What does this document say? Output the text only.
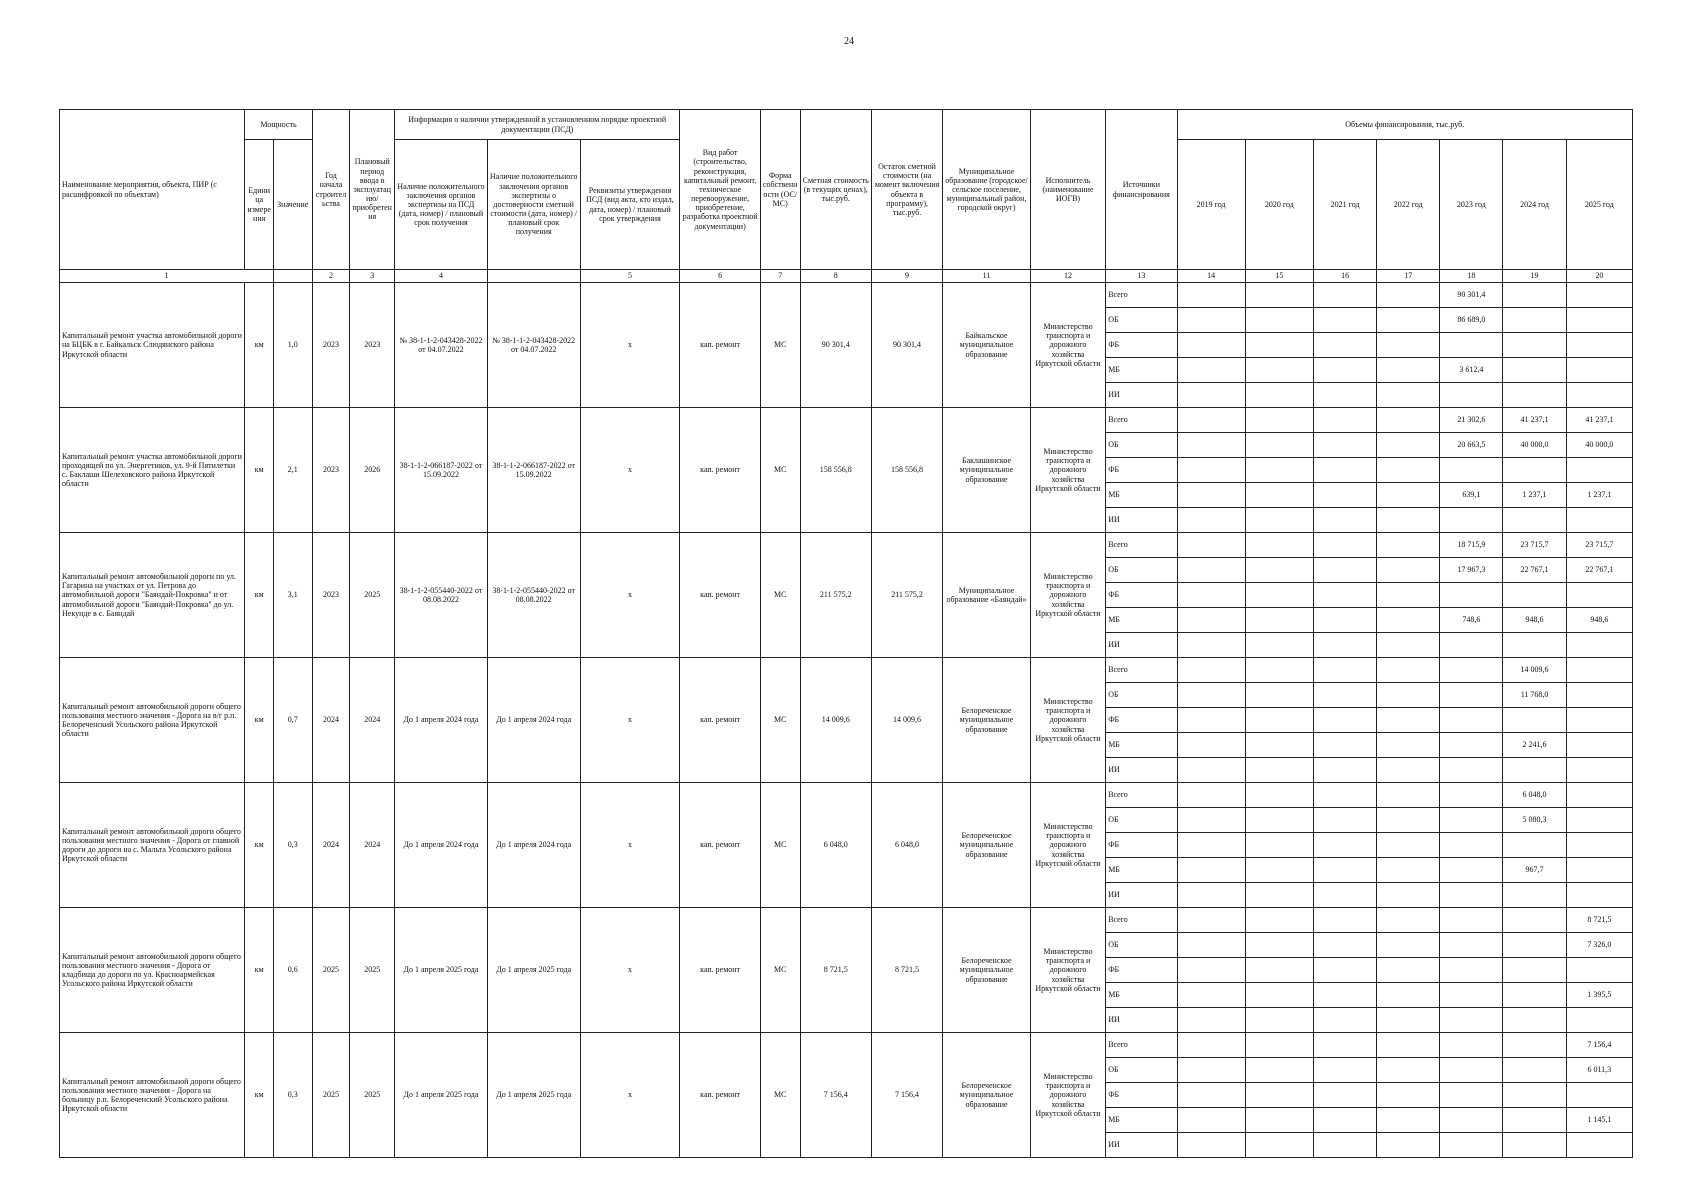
24
Наименование мероприятия, объекта, ПИР (с расшифровкой по объектам)	Мощность		Год начала строительства	Плановый период ввода в эксплуатацию/приобретения	Информация о наличии утвержденной в установленном порядке проектной документации (ПСД)			Вид работ (строительство, реконструкция, капитальный ремонт, техническое перевооружение, приобретение, разработка проектной документации)	Форма собственности (ОС/МС)	Сметная стоимость (в текущих ценах), тыс.руб.	Остаток сметной стоимости (на момент включения объекта в программу), тыс.руб.	Муниципальное образование (городское/сельское поселение, муниципальный район, городской округ)	Исполнитель (наименование ИОГВ)	Источники финансирования	Объемы финансирования, тыс.руб.						
	Единица измерения	Значение			Наличие положительного заключения органов экспертизы на ПСД (дата, номер) / плановый срок получения	Наличие положительного заключения органов экспертизы о достоверности сметной стоимости (дата, номер) / плановый срок получения	Реквизиты утверждения ПСД (вид акта, кто издал, дата, номер) / плановый срок утверждения								2019 год	2020 год	2021 год	2022 год	2023 год	2024 год	2025 год
1			2	3	4		5	6	7	8	9	11	12	13	14	15	16	17	18	19	20
Капитальный ремонт участка автомобильной дороги на БЦБК в г. Байкальск Слюдянского района Иркутской области	км	1,0	2023	2023	№ 38-1-1-2-043428-2022 от 04.07.2022	№ 38-1-1-2-043428-2022 от 04.07.2022	х	кап. ремонт	МС	90 301,4	90 301,4	Байкальское муниципальное образование	Министерство транспорта и дорожного хозяйства Иркутской области	Всего					90 301,4		
														ОБ					86 689,0		
														ФБ							
														МБ					3 612,4		
														ИИ							
Капитальный ремонт участка автомобильной дороги проходящей по ул. Энергетиков, ул. 9-й Пятилетки с. Баклаши Шелеховского района Иркутской области	км	2,1	2023	2026	38-1-1-2-066187-2022 от 15.09.2022	38-1-1-2-066187-2022 от 15.09.2022	х	кап. ремонт	МС	158 556,8	158 556,8	Баклашинское муниципальное образование	Министерство транспорта и дорожного хозяйства Иркутской области	Всего					21 302,6	41 237,1	41 237,1
														ОБ					20 663,5	40 000,0	40 000,0
														ФБ							
														МБ					639,1	1 237,1	1 237,1
														ИИ							
Капитальный ремонт автомобильной дороги по ул. Гагарина на участках от ул. Петрова до автомобильной дороги "Баяндай-Покровка" и от автомобильной дороги "Баяндай-Покровка" до ул. Некунде в с. Баяндай	км	3,1	2023	2025	38-1-1-2-055440-2022 от 08.08.2022	38-1-1-2-055440-2022 от 08.08.2022	х	кап. ремонт	МС	211 575,2	211 575,2	Муниципальное образование «Баяндай»	Министерство транспорта и дорожного хозяйства Иркутской области	Всего					18 715,9	23 715,7	23 715,7
														ОБ					17 967,3	22 767,1	22 767,1
														ФБ							
														МБ					748,6	948,6	948,6
														ИИ							
Капитальный ремонт автомобильной дороги общего пользования местного значения - Дорога на в/г р.п. Белореченский Усольского района Иркутской области	км	0,7	2024	2024	До 1 апреля 2024 года	До 1 апреля 2024 года	х	кап. ремонт	МС	14 009,6	14 009,6	Белореченское муниципальное образование	Министерство транспорта и дорожного хозяйства Иркутской области	Всего						14 009,6	
														ОБ						11 768,0	
														ФБ							
														МБ						2 241,6	
														ИИ							
Капитальный ремонт автомобильной дороги общего пользования местного значения - Дорога от главной дороги до дороги на с. Мальта Усольского района Иркутской области	км	0,3	2024	2024	До 1 апреля 2024 года	До 1 апреля 2024 года	х	кап. ремонт	МС	6 048,0	6 048,0	Белореченское муниципальное образование	Министерство транспорта и дорожного хозяйства Иркутской области	Всего						6 048,0	
														ОБ						5 080,3	
														ФБ							
														МБ						967,7	
														ИИ							
Капитальный ремонт автомобильной дороги общего пользования местного значения - Дорога от кладбища до дороги по ул. Красноармейская Усольского района Иркутской области	км	0,6	2025	2025	До 1 апреля 2025 года	До 1 апреля 2025 года	х	кап. ремонт	МС	8 721,5	8 721,5	Белореченское муниципальное образование	Министерство транспорта и дорожного хозяйства Иркутской области	Всего							8 721,5
														ОБ							7 326,0
														ФБ							
														МБ							1 395,5
														ИИ							
Капитальный ремонт автомобильной дороги общего пользования местного значения - Дорога на больницу р.п. Белореченский Усольского района Иркутской области	км	0,3	2025	2025	До 1 апреля 2025 года	До 1 апреля 2025 года	х	кап. ремонт	МС	7 156,4	7 156,4	Белореченское муниципальное образование	Министерство транспорта и дорожного хозяйства Иркутской области	Всего							7 156,4
														ОБ							6 011,3
														ФБ							
														МБ							1 145,1
														ИИ							
